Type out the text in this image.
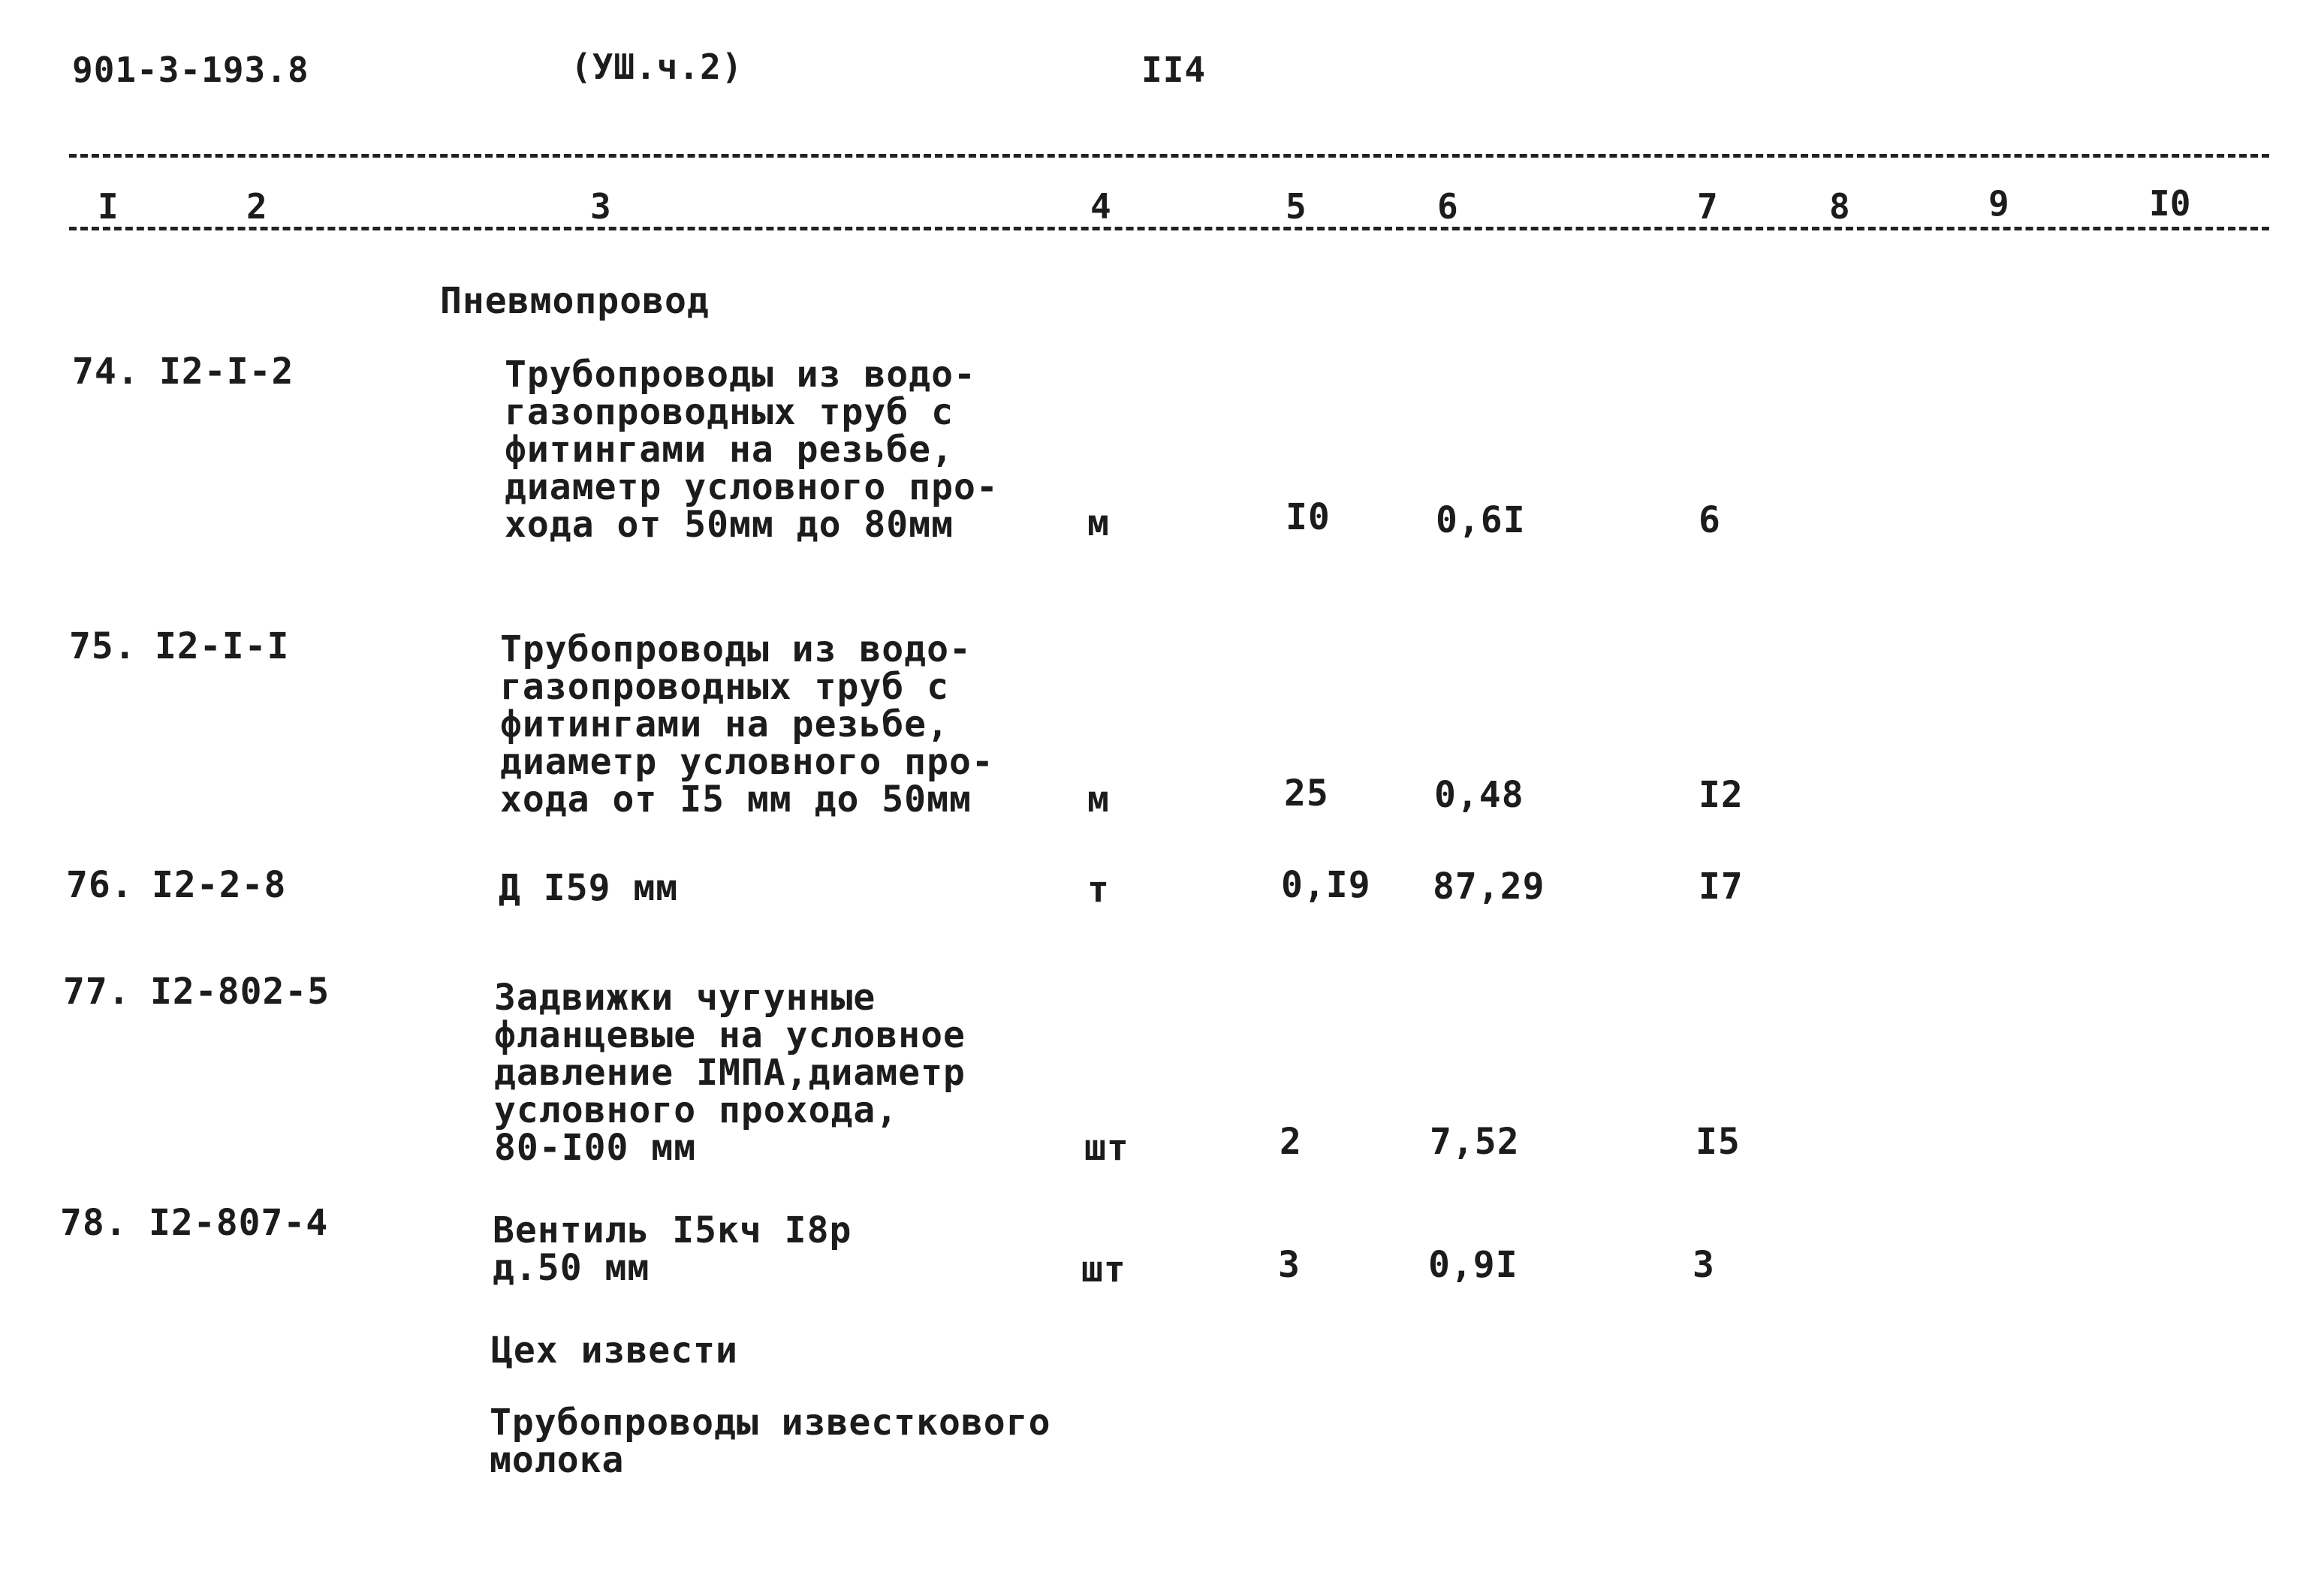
901-3-193.8	(УШ.ч.2)	II4
I	2	3	4	5	6	7	8	9	I0
Пневмопровод
74. I2-I-2	Трубопроводы из водо-
газопроводных труб с
фитингами на резьбе,
диаметр условного про-
хода от 50мм до 80мм	м	I0	0,6I	6
75. I2-I-I	Трубопроводы из водо-
газопроводных труб с
фитингами на резьбе,
диаметр условного про-
хода от I5 мм до 50мм	м	25	0,48	I2
76. I2-2-8	Д I59 мм	т	0,I9 87,29	I7
77. I2-802-5	Задвижки чугунные
фланцевые на условное
давление IМПА,диаметр
условного прохода,
80-I00 мм	шт	2	7,52	I5
78. I2-807-4	Вентиль I5кч I8р
д.50 мм	шт	3	0,9I	3
Цех извести
Трубопроводы известкового
молока
